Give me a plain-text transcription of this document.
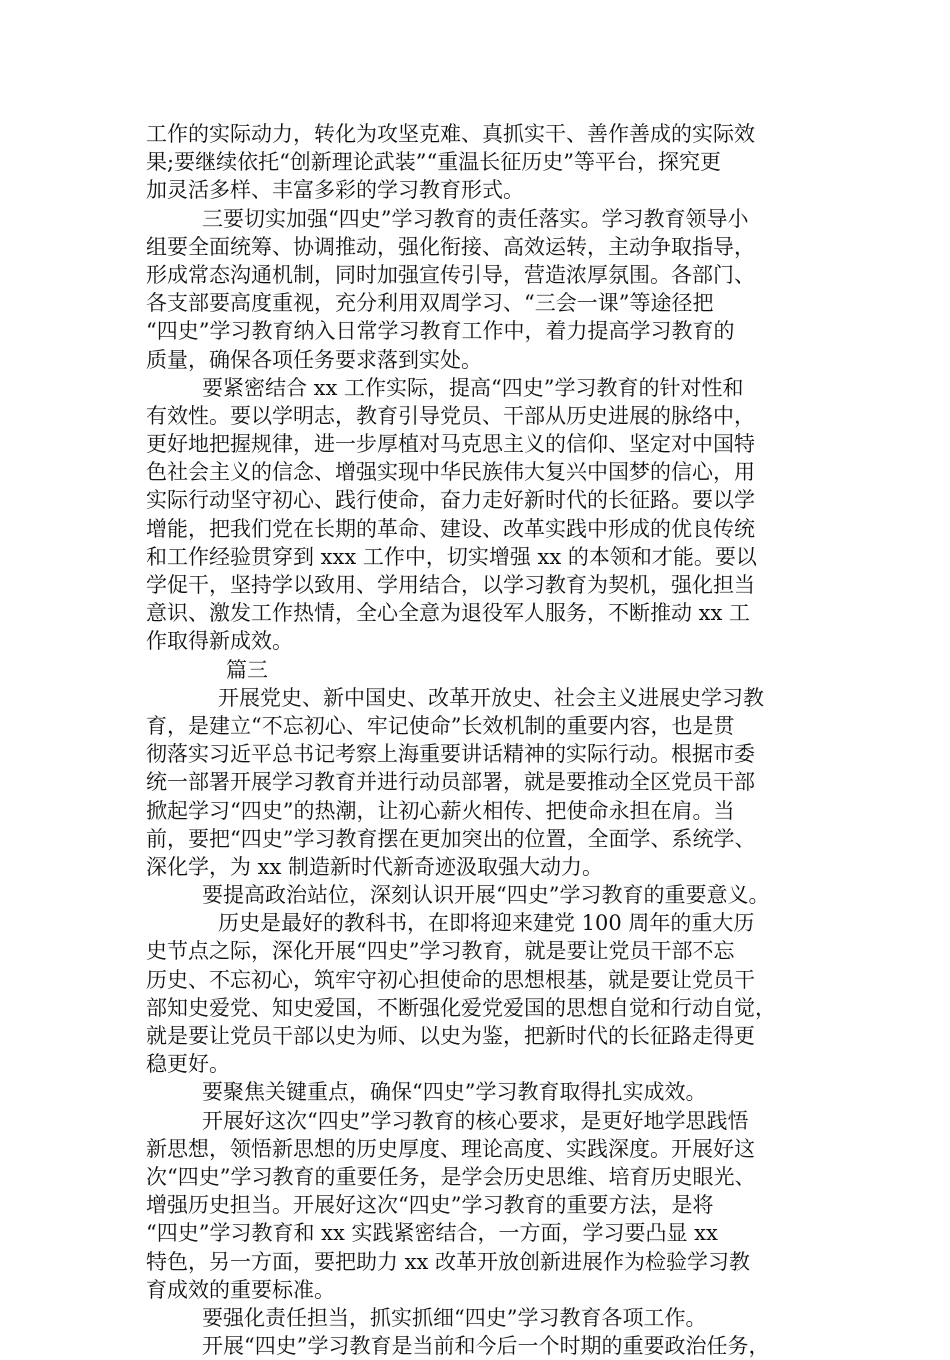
工作的实际动力，转化为攻坚克难、真抓实干、善作善成的实际效
果;要继续依托“创新理论武装”“重温长征历史”等平台，探究更
加灵活多样、丰富多彩的学习教育形式。
三要切实加强“四史”学习教育的责任落实。学习教育领导小
组要全面统筹、协调推动，强化衔接、高效运转，主动争取指导，
形成常态沟通机制，同时加强宣传引导，营造浓厚氛围。各部门、
各支部要高度重视，充分利用双周学习、“三会一课”等途径把
“四史”学习教育纳入日常学习教育工作中，着力提高学习教育的
质量，确保各项任务要求落到实处。
要紧密结合 xx 工作实际，提高“四史”学习教育的针对性和
有效性。要以学明志，教育引导党员、干部从历史进展的脉络中，
更好地把握规律，进一步厚植对马克思主义的信仰、坚定对中国特
色社会主义的信念、增强实现中华民族伟大复兴中国梦的信心，用
实际行动坚守初心、践行使命，奋力走好新时代的长征路。要以学
增能，把我们党在长期的革命、建设、改革实践中形成的优良传统
和工作经验贯穿到 xxx 工作中，切实增强 xx 的本领和才能。要以
学促干，坚持学以致用、学用结合，以学习教育为契机，强化担当
意识、激发工作热情，全心全意为退役军人服务，不断推动 xx 工
作取得新成效。
篇三
开展党史、新中国史、改革开放史、社会主义进展史学习教
育，是建立“不忘初心、牢记使命”长效机制的重要内容，也是贯
彻落实习近平总书记考察上海重要讲话精神的实际行动。根据市委
统一部署开展学习教育并进行动员部署，就是要推动全区党员干部
掀起学习“四史”的热潮，让初心薪火相传、把使命永担在肩。当
前，要把“四史”学习教育摆在更加突出的位置，全面学、系统学、
深化学，为 xx 制造新时代新奇迹汲取强大动力。
要提高政治站位，深刻认识开展“四史”学习教育的重要意义。
历史是最好的教科书，在即将迎来建党 100 周年的重大历
史节点之际，深化开展“四史”学习教育，就是要让党员干部不忘
历史、不忘初心，筑牢守初心担使命的思想根基，就是要让党员干
部知史爱党、知史爱国，不断强化爱党爱国的思想自觉和行动自觉，
就是要让党员干部以史为师、以史为鉴，把新时代的长征路走得更
稳更好。
要聚焦关键重点，确保“四史”学习教育取得扎实成效。
开展好这次“四史”学习教育的核心要求，是更好地学思践悟
新思想，领悟新思想的历史厚度、理论高度、实践深度。开展好这
次“四史”学习教育的重要任务，是学会历史思维、培育历史眼光、
增强历史担当。开展好这次“四史”学习教育的重要方法，是将
“四史”学习教育和 xx 实践紧密结合，一方面，学习要凸显 xx
特色，另一方面，要把助力 xx 改革开放创新进展作为检验学习教
育成效的重要标准。
要强化责任担当，抓实抓细“四史”学习教育各项工作。
开展“四史”学习教育是当前和今后一个时期的重要政治任务，
